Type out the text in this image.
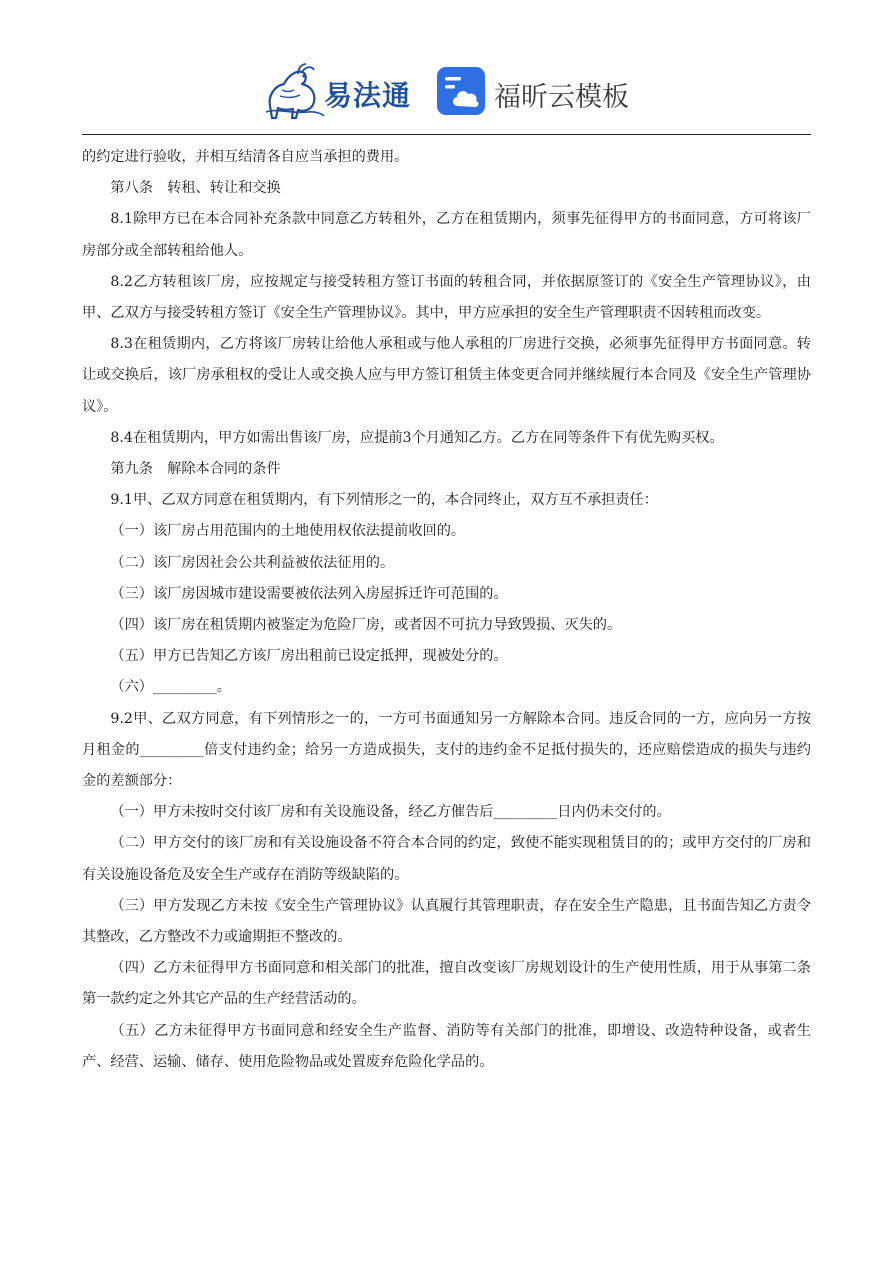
易法通	福昕云模板

的约定进行验收，并相互结清各自应当承担的费用。

第八条　转租、转让和交换

8.1除甲方已在本合同补充条款中同意乙方转租外，乙方在租赁期内，须事先征得甲方的书面同意，方可将该厂房部分或全部转租给他人。

8.2乙方转租该厂房，应按规定与接受转租方签订书面的转租合同，并依据原签订的《安全生产管理协议》，由甲、乙双方与接受转租方签订《安全生产管理协议》。其中，甲方应承担的安全生产管理职责不因转租而改变。

8.3在租赁期内，乙方将该厂房转让给他人承租或与他人承租的厂房进行交换，必须事先征得甲方书面同意。转让或交换后，该厂房承租权的受让人或交换人应与甲方签订租赁主体变更合同并继续履行本合同及《安全生产管理协议》。

8.4在租赁期内，甲方如需出售该厂房，应提前3个月通知乙方。乙方在同等条件下有优先购买权。

第九条　解除本合同的条件

9.1甲、乙双方同意在租赁期内，有下列情形之一的，本合同终止，双方互不承担责任：

（一）该厂房占用范围内的土地使用权依法提前收回的。

（二）该厂房因社会公共利益被依法征用的。

（三）该厂房因城市建设需要被依法列入房屋拆迁许可范围的。

（四）该厂房在租赁期内被鉴定为危险厂房，或者因不可抗力导致毁损、灭失的。

（五）甲方已告知乙方该厂房出租前已设定抵押，现被处分的。

（六）_________。

9.2甲、乙双方同意，有下列情形之一的，一方可书面通知另一方解除本合同。违反合同的一方，应向另一方按月租金的_________倍支付违约金；给另一方造成损失，支付的违约金不足抵付损失的，还应赔偿造成的损失与违约金的差额部分：

（一）甲方未按时交付该厂房和有关设施设备，经乙方催告后_________日内仍未交付的。

（二）甲方交付的该厂房和有关设施设备不符合本合同的约定，致使不能实现租赁目的的；或甲方交付的厂房和有关设施设备危及安全生产或存在消防等级缺陷的。

（三）甲方发现乙方未按《安全生产管理协议》认真履行其管理职责，存在安全生产隐患，且书面告知乙方责令其整改，乙方整改不力或逾期拒不整改的。

（四）乙方未征得甲方书面同意和相关部门的批准，擅自改变该厂房规划设计的生产使用性质，用于从事第二条第一款约定之外其它产品的生产经营活动的。

（五）乙方未征得甲方书面同意和经安全生产监督、消防等有关部门的批准，即增设、改造特种设备，或者生产、经营、运输、储存、使用危险物品或处置废弃危险化学品的。
